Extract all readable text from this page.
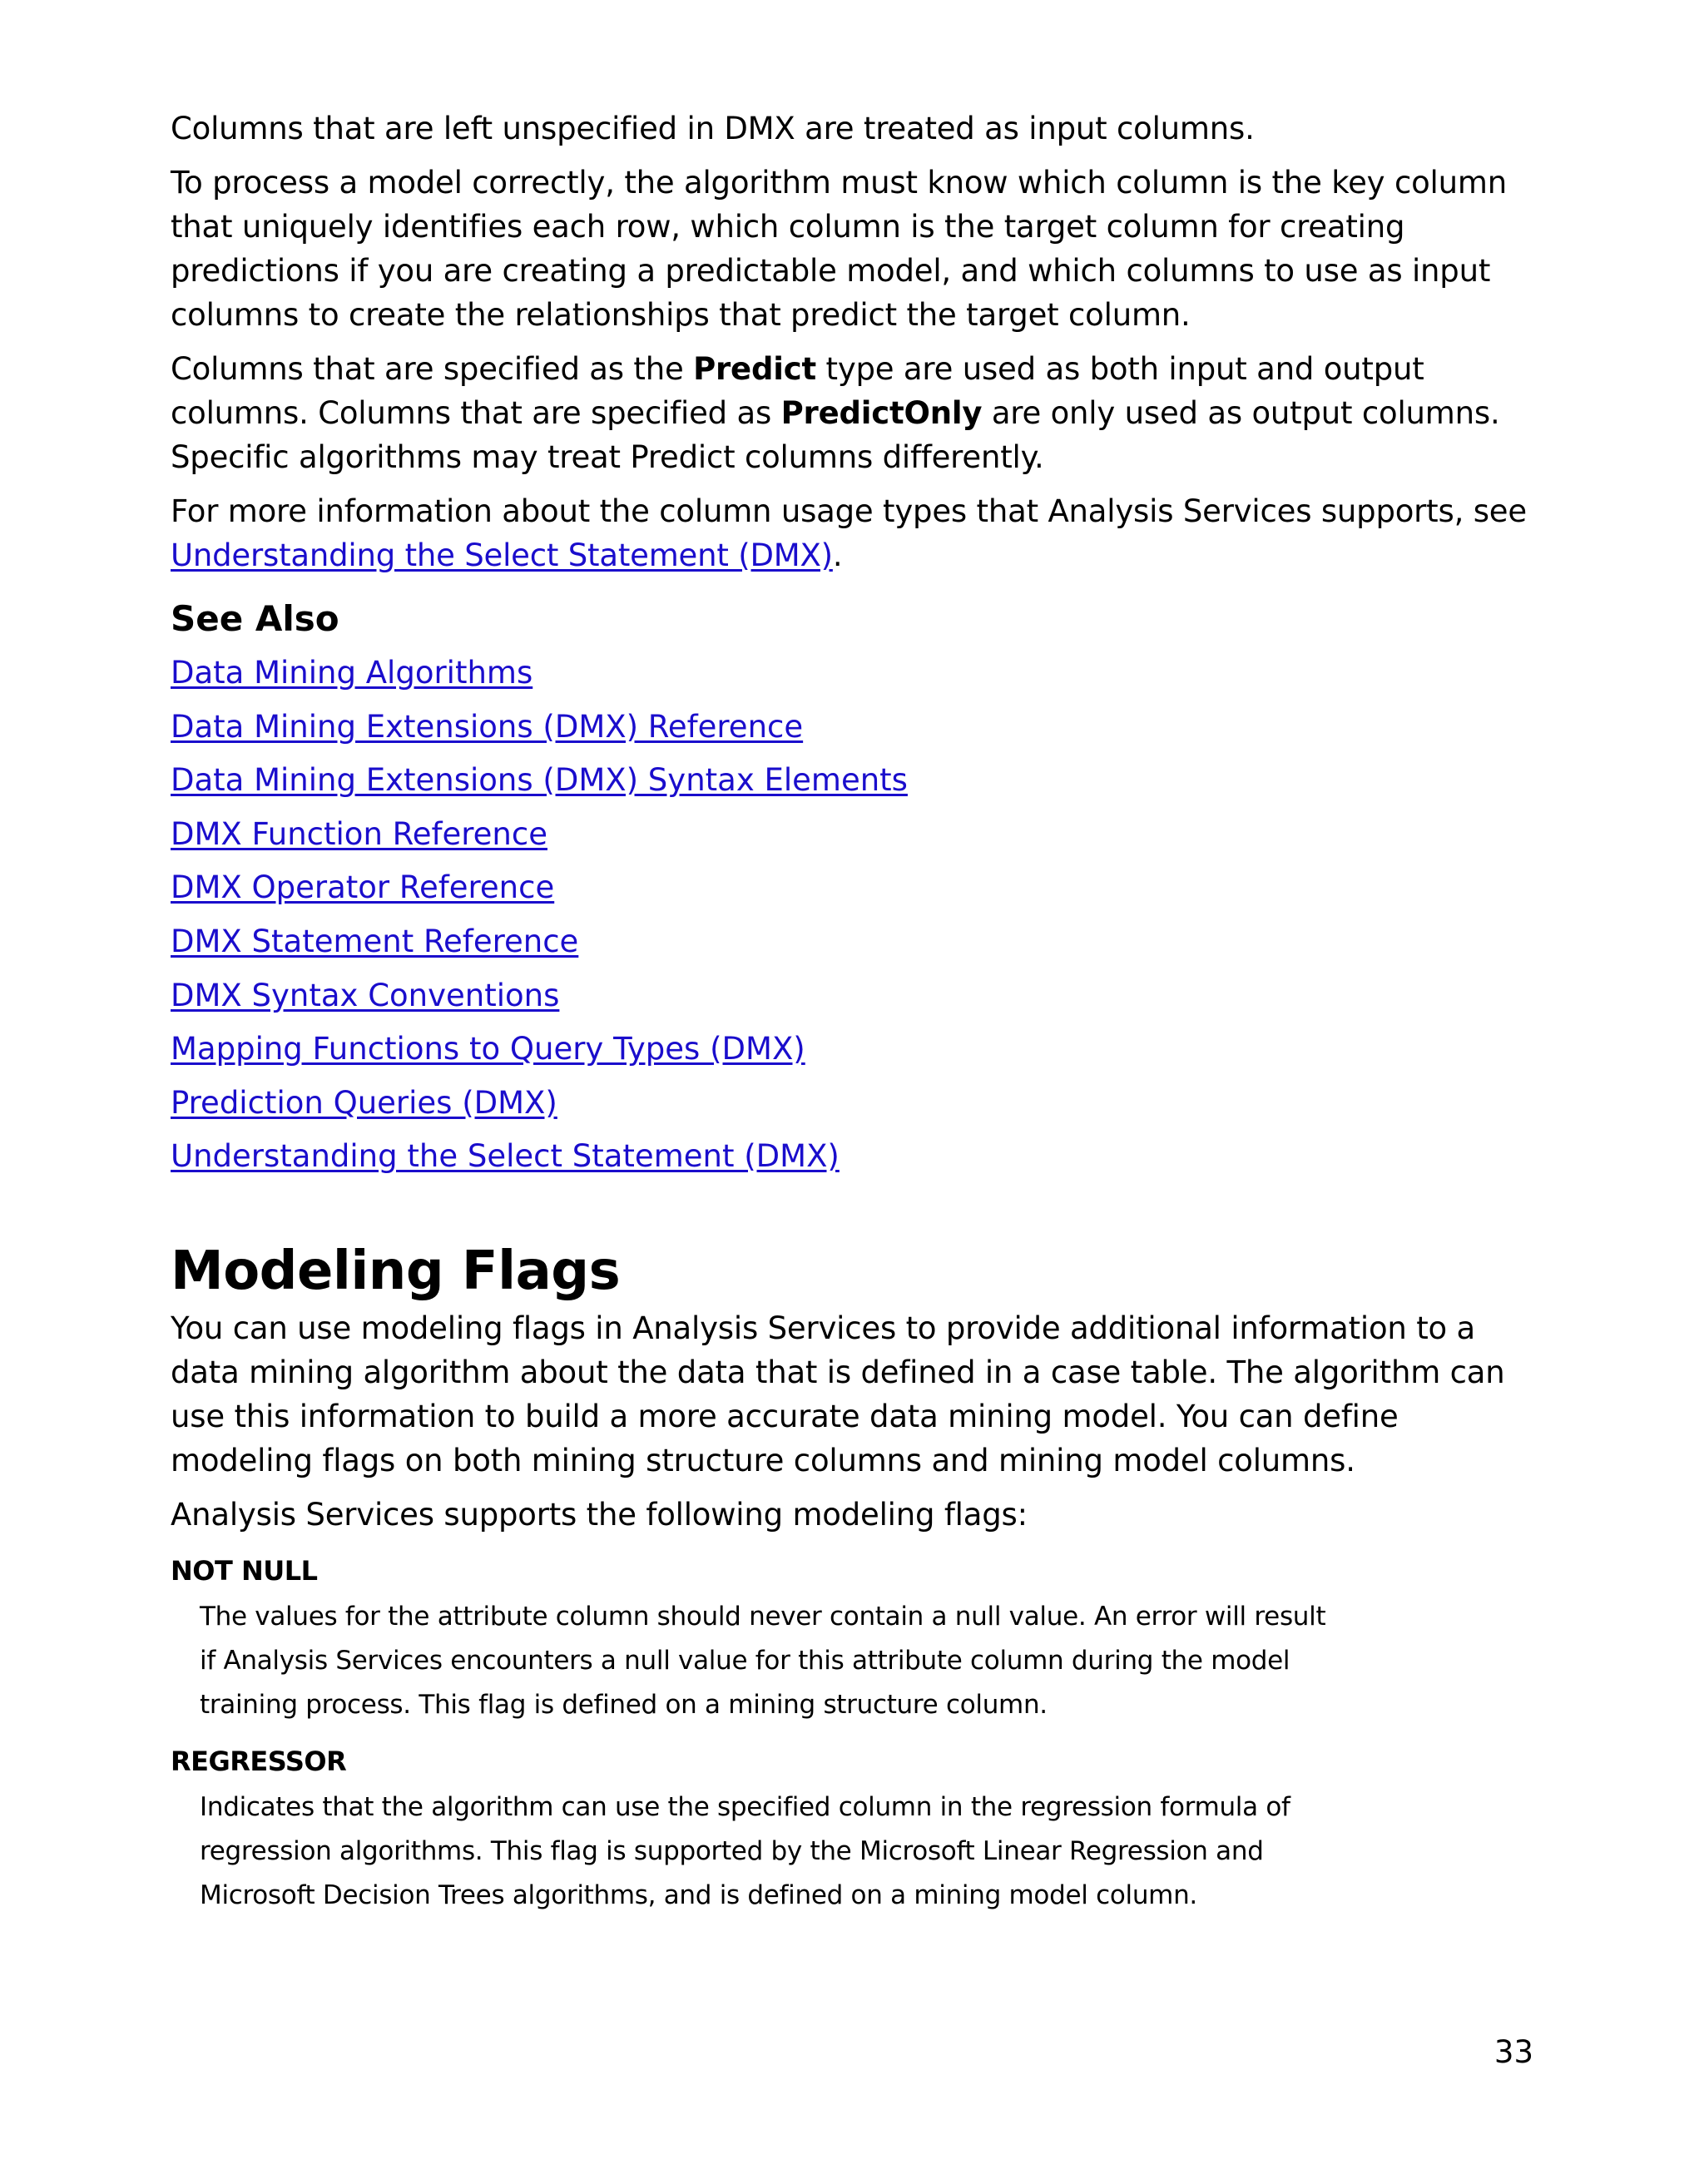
Columns that are left unspecified in DMX are treated as input columns.

To process a model correctly, the algorithm must know which column is the key column that uniquely identifies each row, which column is the target column for creating predictions if you are creating a predictable model, and which columns to use as input columns to create the relationships that predict the target column.

Columns that are specified as the Predict type are used as both input and output columns. Columns that are specified as PredictOnly are only used as output columns. Specific algorithms may treat Predict columns differently.

For more information about the column usage types that Analysis Services supports, see Understanding the Select Statement (DMX).

See Also
Data Mining Algorithms
Data Mining Extensions (DMX) Reference
Data Mining Extensions (DMX) Syntax Elements
DMX Function Reference
DMX Operator Reference
DMX Statement Reference
DMX Syntax Conventions
Mapping Functions to Query Types (DMX)
Prediction Queries (DMX)
Understanding the Select Statement (DMX)
Modeling Flags

You can use modeling flags in Analysis Services to provide additional information to a data mining algorithm about the data that is defined in a case table. The algorithm can use this information to build a more accurate data mining model. You can define modeling flags on both mining structure columns and mining model columns.

Analysis Services supports the following modeling flags:

NOT NULL
The values for the attribute column should never contain a null value. An error will result if Analysis Services encounters a null value for this attribute column during the model training process. This flag is defined on a mining structure column.
REGRESSOR
Indicates that the algorithm can use the specified column in the regression formula of regression algorithms. This flag is supported by the Microsoft Linear Regression and Microsoft Decision Trees algorithms, and is defined on a mining model column.
33
